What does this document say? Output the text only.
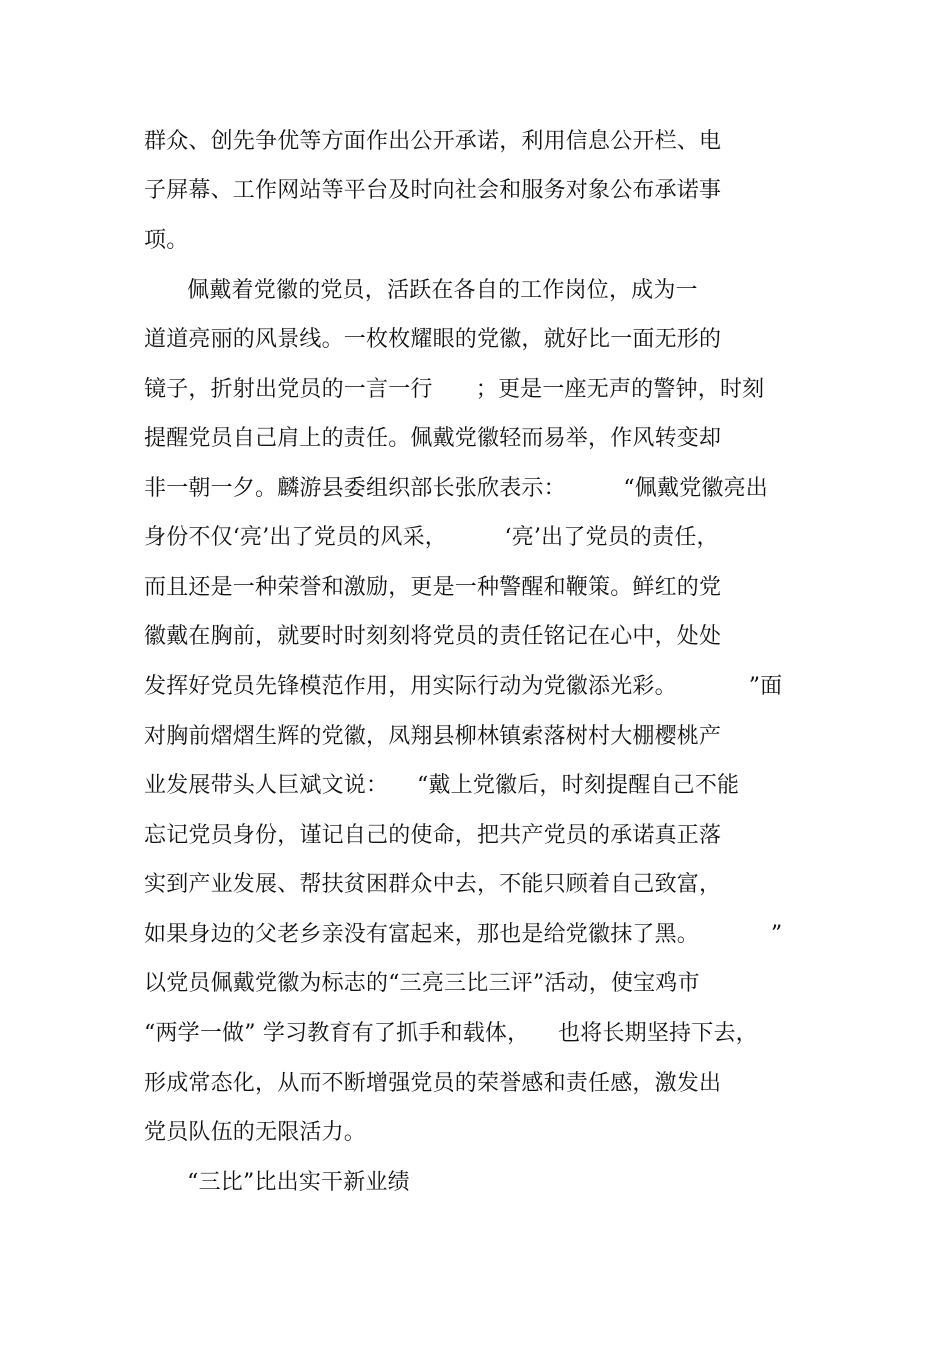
群众、创先争优等方面作出公开承诺，利用信息公开栏、电
子屏幕、工作网站等平台及时向社会和服务对象公布承诺事
项。
佩戴着党徽的党员，活跃在各自的工作岗位，成为一
道道亮丽的风景线。一枚枚耀眼的党徽，就好比一面无形的
镜子，折射出党员的一言一行      ；更是一座无声的警钟，时刻
提醒党员自己肩上的责任。佩戴党徽轻而易举，作风转变却
非一朝一夕。麟游县委组织部长张欣表示：        “佩戴党徽亮出
身份不仅‘亮’出了党员的风采，        ‘亮’出了党员的责任，
而且还是一种荣誉和激励，更是一种警醒和鞭策。鲜红的党
徽戴在胸前，就要时时刻刻将党员的责任铭记在心中，处处
发挥好党员先锋模范作用，用实际行动为党徽添光彩。          ”面
对胸前熠熠生辉的党徽，凤翔县柳林镇索落树村大棚樱桃产
业发展带头人巨斌文说：    “戴上党徽后，时刻提醒自己不能
忘记党员身份，谨记自己的使命，把共产党员的承诺真正落
实到产业发展、帮扶贫困群众中去，不能只顾着自己致富，
如果身边的父老乡亲没有富起来，那也是给党徽抹了黑。          ”
以党员佩戴党徽为标志的“三亮三比三评”活动，使宝鸡市
“两学一做” 学习教育有了抓手和载体，    也将长期坚持下去，
形成常态化，从而不断增强党员的荣誉感和责任感，激发出
党员队伍的无限活力。
“三比”比出实干新业绩
